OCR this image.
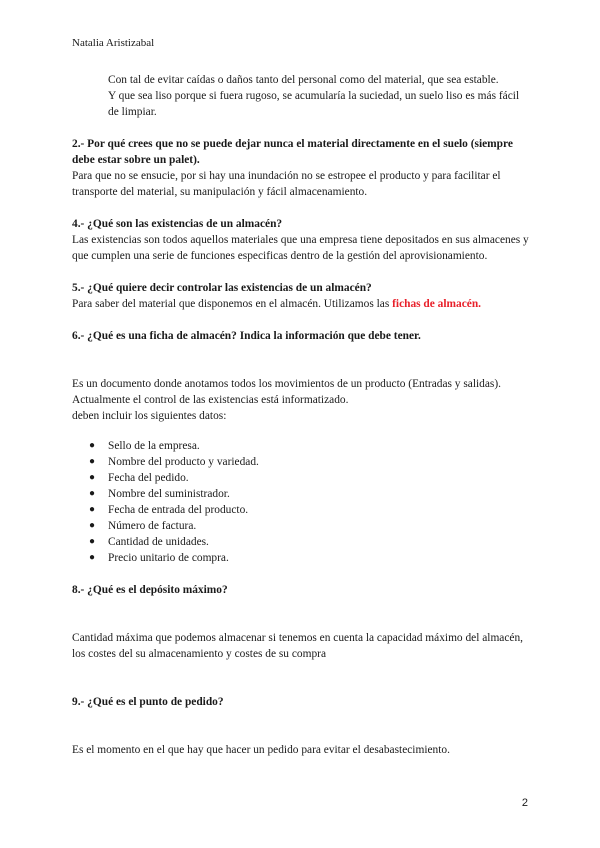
Natalia Aristizabal

Con tal de evitar caídas o daños tanto del personal como del material, que sea estable.

Y que sea liso porque si fuera rugoso, se acumularía la suciedad, un suelo liso es más fácil de limpiar.

2.- Por qué crees que no se puede dejar nunca el material directamente en el suelo (siempre debe estar sobre un palet).

Para que no se ensucie, por si hay una inundación no se estropee el producto y para facilitar el transporte del material, su manipulación y fácil almacenamiento.

4.- ¿Qué son las existencias de un almacén?

Las existencias son todos aquellos materiales que una empresa tiene depositados en sus almacenes y que cumplen una serie de funciones especificas dentro de la gestión del aprovisionamiento.

5.- ¿Qué quiere decir controlar las existencias de un almacén?

Para saber del material que disponemos en el almacén. Utilizamos las fichas de almacén.

6.- ¿Qué es una ficha de almacén? Indica la información que debe tener.

Es un documento donde anotamos todos los movimientos de un producto (Entradas y salidas).

Actualmente el control de las existencias está informatizado.

deben incluir los siguientes datos:

● Sello de la empresa.
● Nombre del producto y variedad.
● Fecha del pedido.
● Nombre del suministrador.
● Fecha de entrada del producto.
● Número de factura.
● Cantidad de unidades.
● Precio unitario de compra.

8.- ¿Qué es el depósito máximo?

Cantidad máxima que podemos almacenar si tenemos en cuenta la capacidad máximo del almacén, los costes del su almacenamiento y costes de su compra

9.- ¿Qué es el punto de pedido?

Es el momento en el que hay que hacer un pedido para evitar el desabastecimiento.

2
